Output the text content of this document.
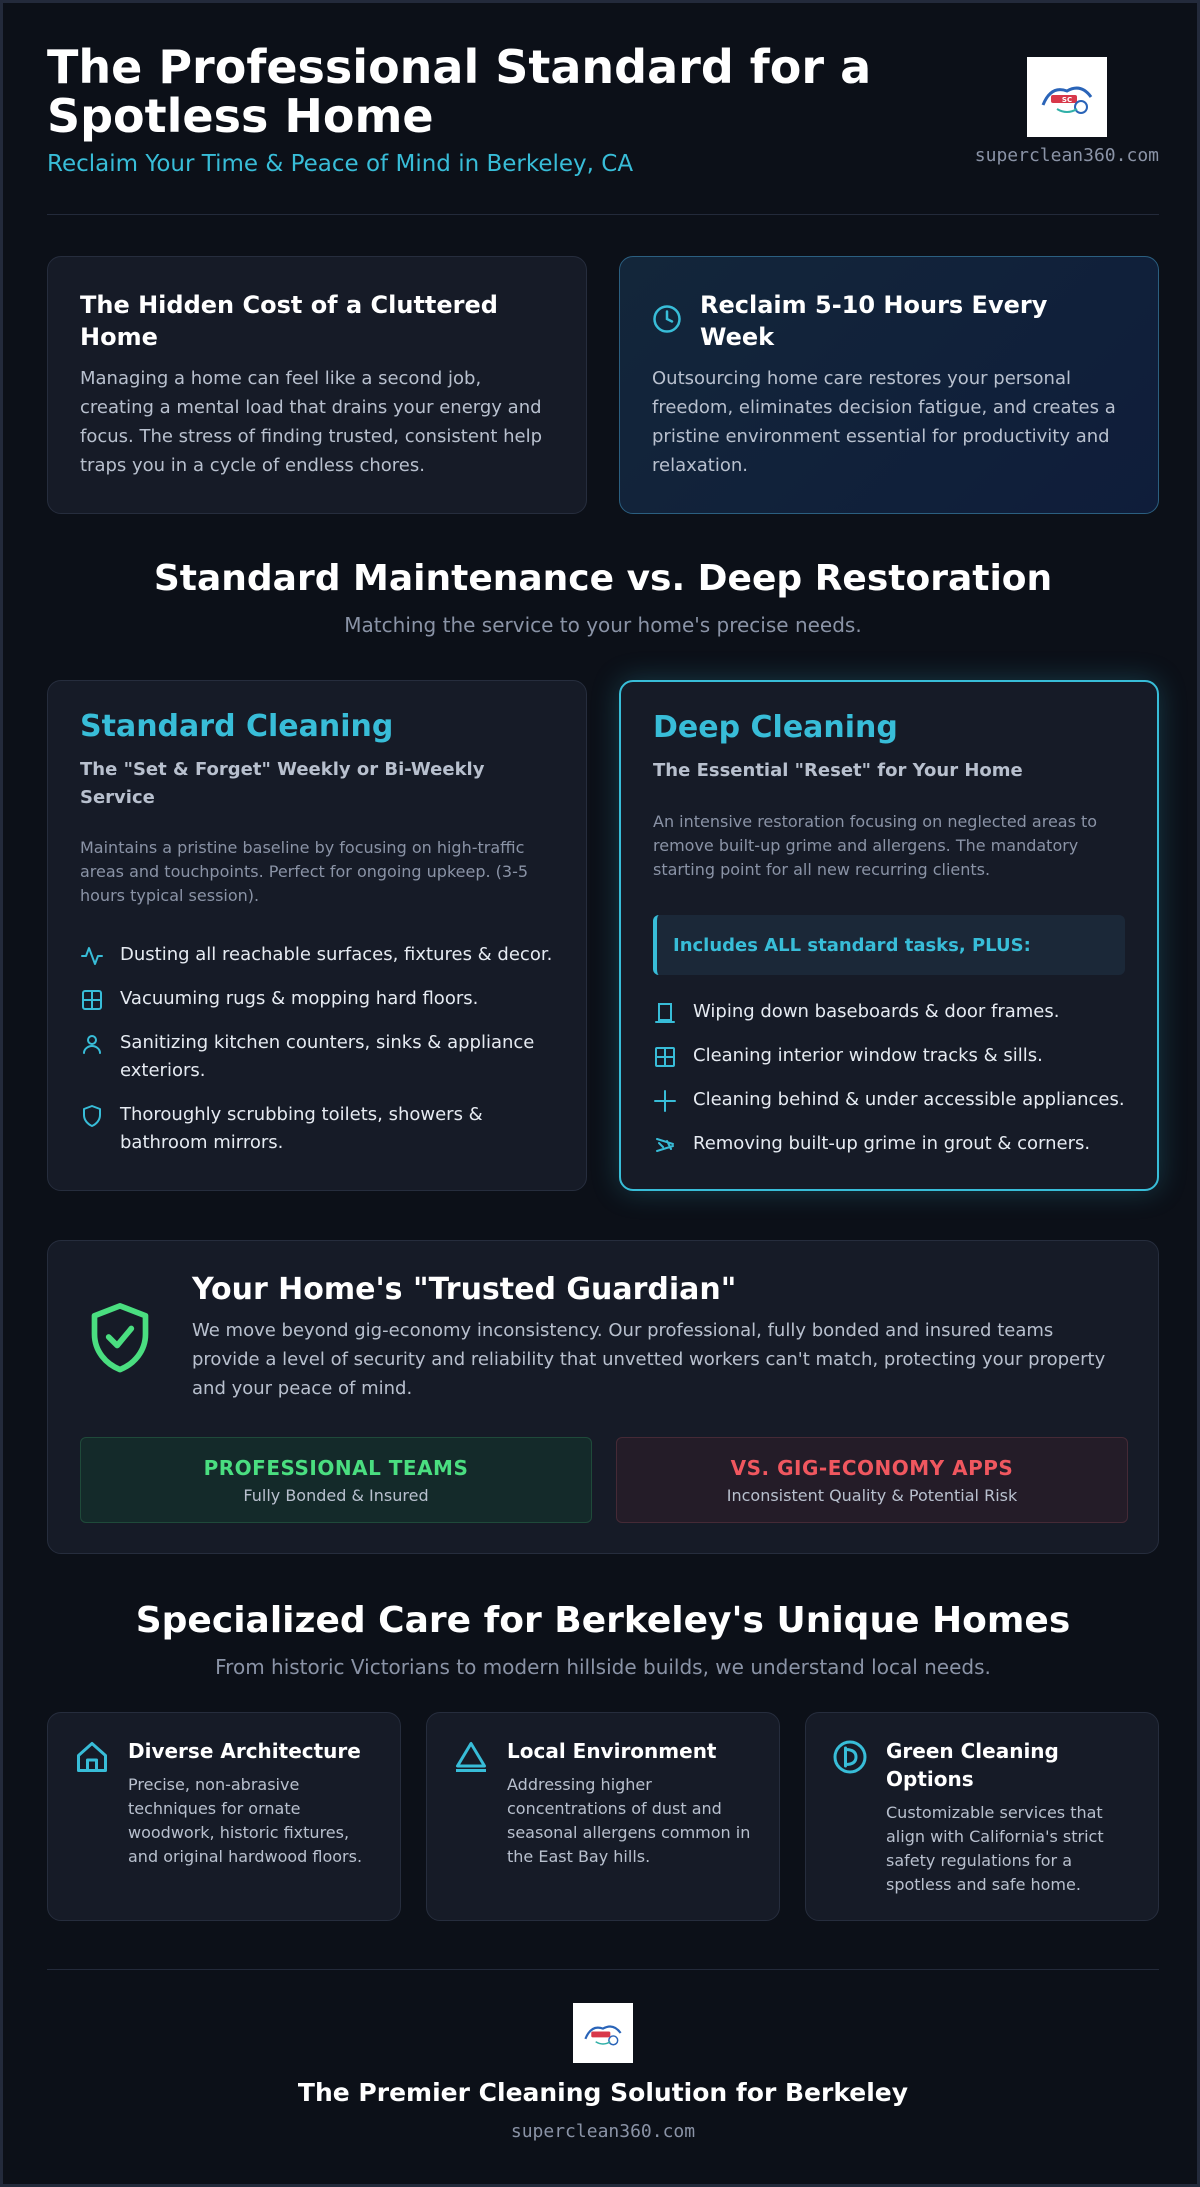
The Professional Standard for a Spotless Home
Reclaim Your Time & Peace of Mind in Berkeley, CA
SC
superclean360.com
The Hidden Cost of a Cluttered Home
Managing a home can feel like a second job, creating a mental load that drains your energy and focus. The stress of finding trusted, consistent help traps you in a cycle of endless chores.
Reclaim 5-10 Hours Every Week
Outsourcing home care restores your personal freedom, eliminates decision fatigue, and creates a pristine environment essential for productivity and relaxation.
Standard Maintenance vs. Deep Restoration
Matching the service to your home's precise needs.
Standard Cleaning
The "Set & Forget" Weekly or Bi-Weekly Service
Maintains a pristine baseline by focusing on high-traffic areas and touchpoints. Perfect for ongoing upkeep. (3-5 hours typical session).
Dusting all reachable surfaces, fixtures & decor.
Vacuuming rugs & mopping hard floors.
Sanitizing kitchen counters, sinks & appliance exteriors.
Thoroughly scrubbing toilets, showers & bathroom mirrors.
Deep Cleaning
The Essential "Reset" for Your Home
An intensive restoration focusing on neglected areas to remove built-up grime and allergens. The mandatory starting point for all new recurring clients.
Includes ALL standard tasks, PLUS:
Wiping down baseboards & door frames.
Cleaning interior window tracks & sills.
Cleaning behind & under accessible appliances.
Removing built-up grime in grout & corners.
Your Home's "Trusted Guardian"
We move beyond gig-economy inconsistency. Our professional, fully bonded and insured teams provide a level of security and reliability that unvetted workers can't match, protecting your property and your peace of mind.
PROFESSIONAL TEAMS
Fully Bonded & Insured
VS. GIG-ECONOMY APPS
Inconsistent Quality & Potential Risk
Specialized Care for Berkeley's Unique Homes
From historic Victorians to modern hillside builds, we understand local needs.
Diverse Architecture
Precise, non-abrasive techniques for ornate woodwork, historic fixtures, and original hardwood floors.
Local Environment
Addressing higher concentrations of dust and seasonal allergens common in the East Bay hills.
Green Cleaning Options
Customizable services that align with California's strict safety regulations for a spotless and safe home.
The Premier Cleaning Solution for Berkeley
superclean360.com
